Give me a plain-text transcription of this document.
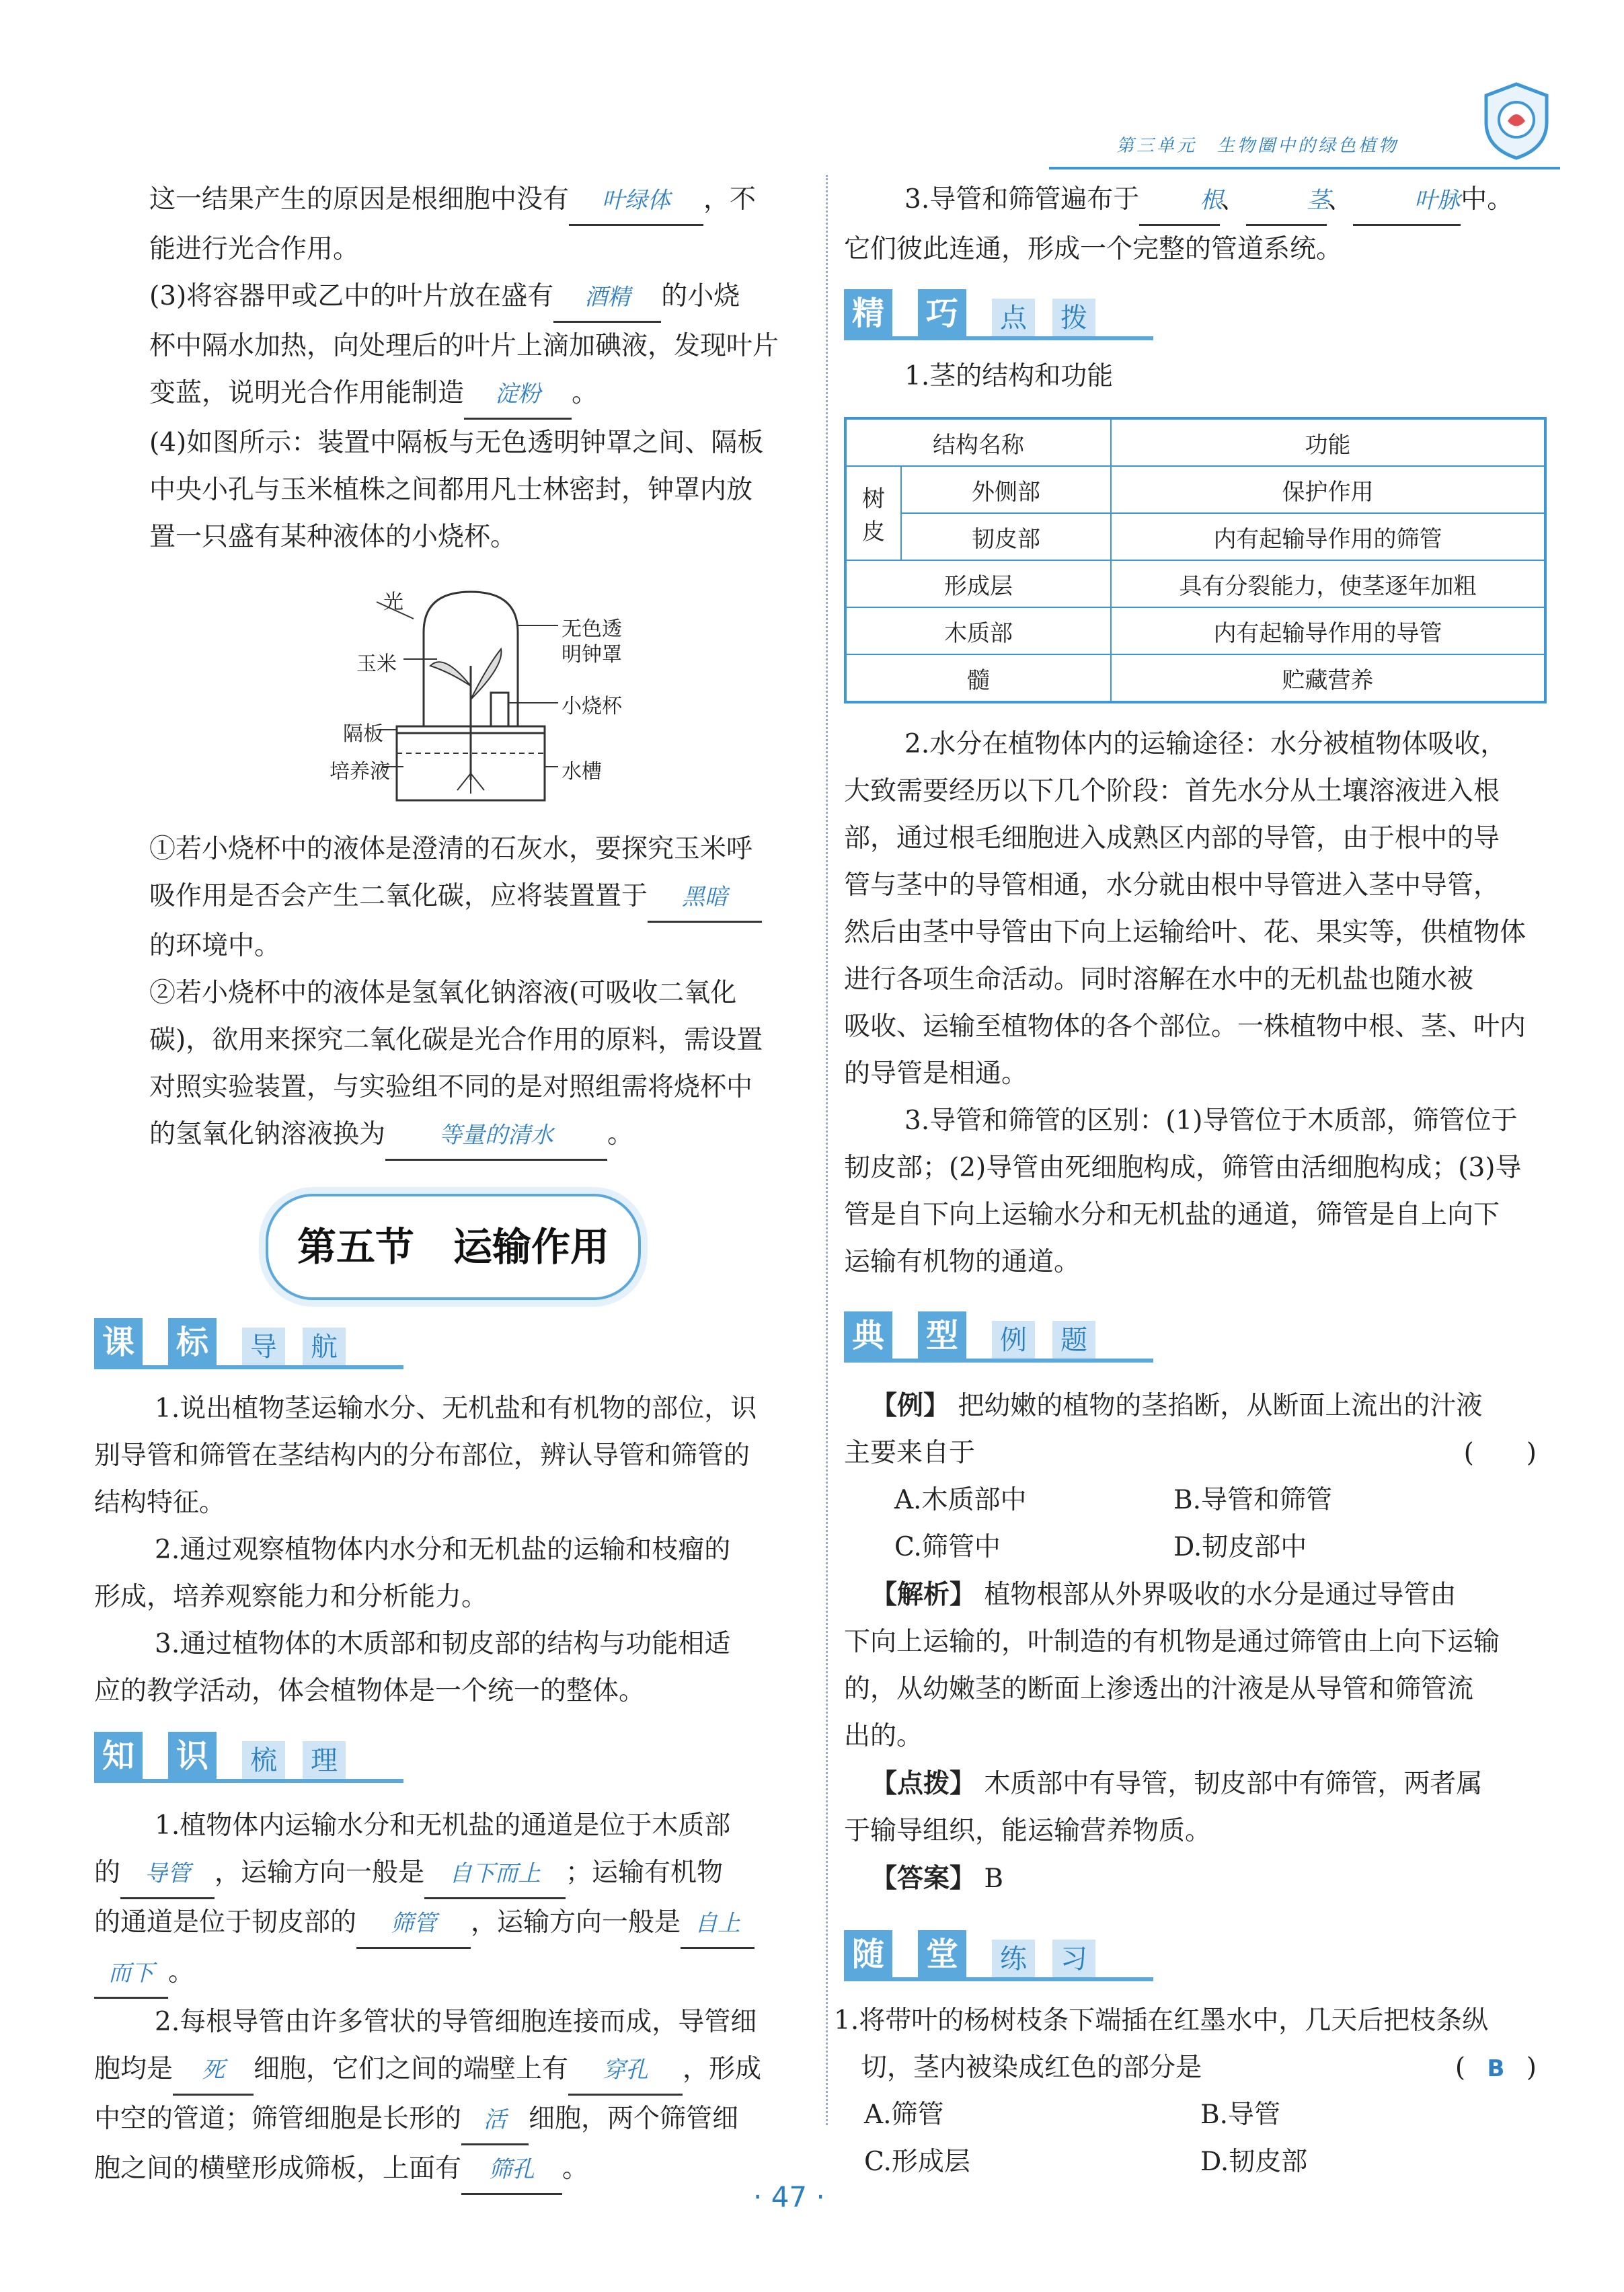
第三单元　生物圈中的绿色植物

这一结果产生的原因是根细胞中没有 叶绿体 ，不

能进行光合作用。

(3)将容器甲或乙中的叶片放在盛有 酒精 的小烧

杯中隔水加热，向处理后的叶片上滴加碘液，发现叶片

变蓝，说明光合作用能制造 淀粉 。

(4)如图所示：装置中隔板与无色透明钟罩之间、隔板

中央小孔与玉米植株之间都用凡士林密封，钟罩内放

置一只盛有某种液体的小烧杯。

光
玉米
无色透
明钟罩
小烧杯
隔板
培养液	水槽

①若小烧杯中的液体是澄清的石灰水，要探究玉米呼

吸作用是否会产生二氧化碳，应将装置置于 黑暗

的环境中。

②若小烧杯中的液体是氢氧化钠溶液(可吸收二氧化

碳)，欲用来探究二氧化碳是光合作用的原料，需设置

对照实验装置，与实验组不同的是对照组需将烧杯中

的氢氧化钠溶液换为 等量的清水 。

第五节　运输作用
课 标	导	航

1.说出植物茎运输水分、无机盐和有机物的部位，识

别导管和筛管在茎结构内的分布部位，辨认导管和筛管的

结构特征。

2.通过观察植物体内水分和无机盐的运输和枝瘤的

形成，培养观察能力和分析能力。

3.通过植物体的木质部和韧皮部的结构与功能相适

应的教学活动，体会植物体是一个统一的整体。

知 识	梳	理

1.植物体内运输水分和无机盐的通道是位于木质部

的 导管 ，运输方向一般是 自下而上 ；运输有机物

的通道是位于韧皮部的 筛管 ，运输方向一般是 自上

而下 。

2.每根导管由许多管状的导管细胞连接而成，导管细

胞均是 死 细胞，它们之间的端壁上有 穿孔 ，形成

中空的管道；筛管细胞是长形的 活 细胞，两个筛管细

胞之间的横壁形成筛板，上面有 筛孔 。

3.导管和筛管遍布于	根、	茎、	叶脉中。

它们彼此连通，形成一个完整的管道系统。

精 巧	点	拨

1.茎的结构和功能

结构名称		功能
树
皮	外侧部	保护作用
	韧皮部	内有起输导作用的筛管
形成层		具有分裂能力，使茎逐年加粗
木质部		内有起输导作用的导管
髓		贮藏营养

2.水分在植物体内的运输途径：水分被植物体吸收，

大致需要经历以下几个阶段：首先水分从土壤溶液进入根

部，通过根毛细胞进入成熟区内部的导管，由于根中的导

管与茎中的导管相通，水分就由根中导管进入茎中导管，

然后由茎中导管由下向上运输给叶、花、果实等，供植物体

进行各项生命活动。同时溶解在水中的无机盐也随水被

吸收、运输至植物体的各个部位。一株植物中根、茎、叶内

的导管是相通。

3.导管和筛管的区别：(1)导管位于木质部，筛管位于

韧皮部；(2)导管由死细胞构成，筛管由活细胞构成；(3)导

管是自下向上运输水分和无机盐的通道，筛管是自上向下

运输有机物的通道。

典 型	例	题

【例】 把幼嫩的植物的茎掐断，从断面上流出的汁液

主要来自于	(　　)

A.木质部中	B.导管和筛管

C.筛管中	D.韧皮部中

【解析】 植物根部从外界吸收的水分是通过导管由

下向上运输的，叶制造的有机物是通过筛管由上向下运输

的，从幼嫩茎的断面上渗透出的汁液是从导管和筛管流

出的。

【点拨】 木质部中有导管，韧皮部中有筛管，两者属

于输导组织，能运输营养物质。

【答案】 B

随 堂	练	习

1.将带叶的杨树枝条下端插在红墨水中，几天后把枝条纵

切，茎内被染成红色的部分是	( B )

A.筛管	B.导管

C.形成层	D.韧皮部

· 47 ·
